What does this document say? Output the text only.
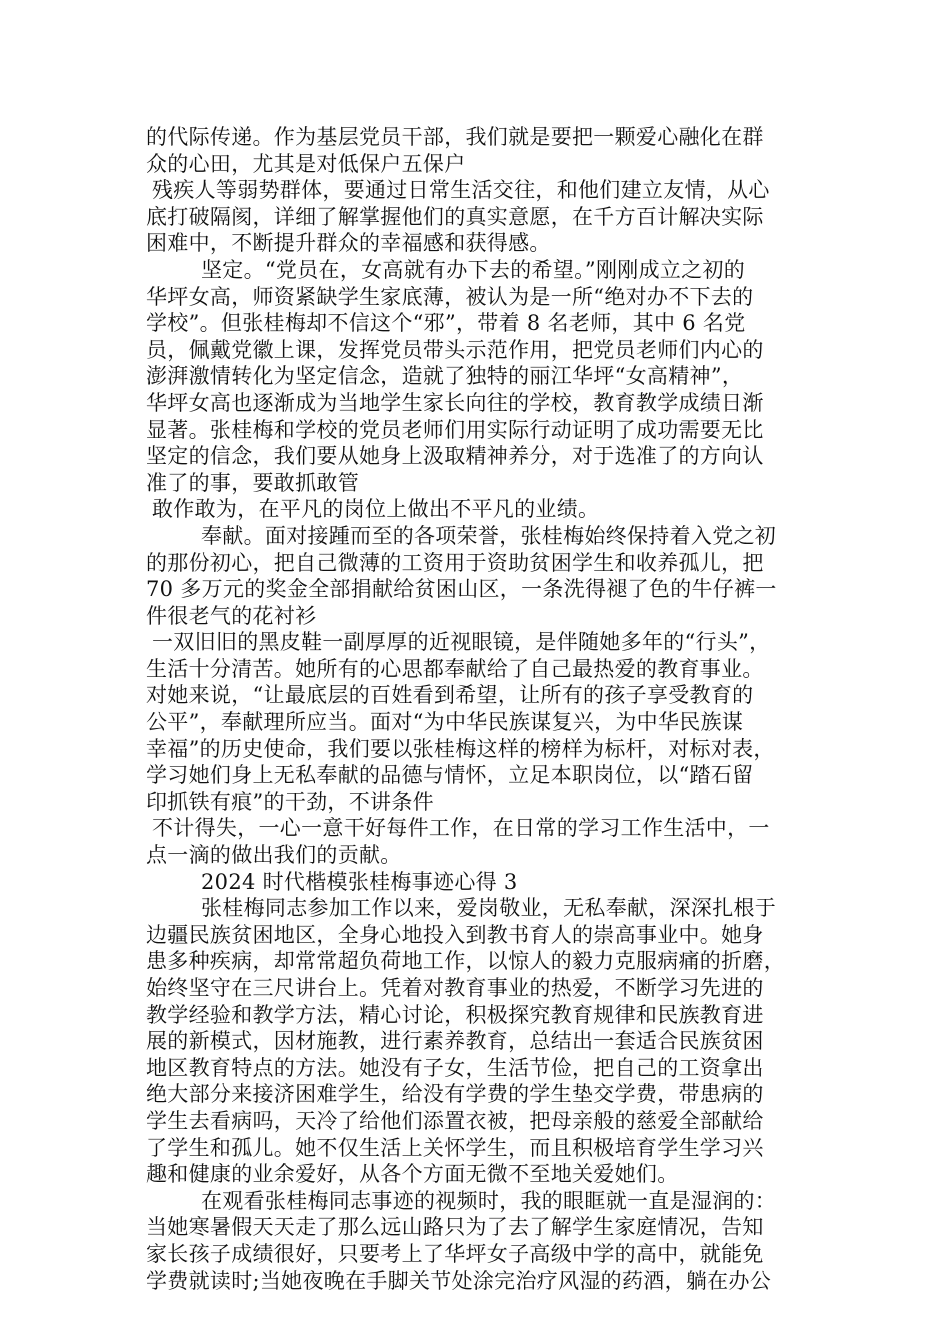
的代际传递。作为基层党员干部，我们就是要把一颗爱心融化在群
众的心田，尤其是对低保户五保户
残疾人等弱势群体，要通过日常生活交往，和他们建立友情，从心
底打破隔阂，详细了解掌握他们的真实意愿，在千方百计解决实际
困难中，不断提升群众的幸福感和获得感。
坚定。“党员在，女高就有办下去的希望。”刚刚成立之初的
华坪女高，师资紧缺学生家底薄，被认为是一所“绝对办不下去的
学校”。但张桂梅却不信这个“邪”，带着 8 名老师，其中 6 名党
员，佩戴党徽上课，发挥党员带头示范作用，把党员老师们内心的
澎湃激情转化为坚定信念，造就了独特的丽江华坪“女高精神”，
华坪女高也逐渐成为当地学生家长向往的学校，教育教学成绩日渐
显著。张桂梅和学校的党员老师们用实际行动证明了成功需要无比
坚定的信念，我们要从她身上汲取精神养分，对于选准了的方向认
准了的事，要敢抓敢管
敢作敢为，在平凡的岗位上做出不平凡的业绩。
奉献。面对接踵而至的各项荣誉，张桂梅始终保持着入党之初
的那份初心，把自己微薄的工资用于资助贫困学生和收养孤儿，把
70 多万元的奖金全部捐献给贫困山区，一条洗得褪了色的牛仔裤一
件很老气的花衬衫
一双旧旧的黑皮鞋一副厚厚的近视眼镜，是伴随她多年的“行头”，
生活十分清苦。她所有的心思都奉献给了自己最热爱的教育事业。
对她来说，“让最底层的百姓看到希望，让所有的孩子享受教育的
公平”，奉献理所应当。面对“为中华民族谋复兴，为中华民族谋
幸福”的历史使命，我们要以张桂梅这样的榜样为标杆，对标对表，
学习她们身上无私奉献的品德与情怀，立足本职岗位，以“踏石留
印抓铁有痕”的干劲，不讲条件
不计得失，一心一意干好每件工作，在日常的学习工作生活中，一
点一滴的做出我们的贡献。
2024 时代楷模张桂梅事迹心得 3
张桂梅同志参加工作以来，爱岗敬业，无私奉献，深深扎根于
边疆民族贫困地区，全身心地投入到教书育人的崇高事业中。她身
患多种疾病，却常常超负荷地工作，以惊人的毅力克服病痛的折磨，
始终坚守在三尺讲台上。凭着对教育事业的热爱，不断学习先进的
教学经验和教学方法，精心讨论，积极探究教育规律和民族教育进
展的新模式，因材施教，进行素养教育，总结出一套适合民族贫困
地区教育特点的方法。她没有子女，生活节俭，把自己的工资拿出
绝大部分来接济困难学生，给没有学费的学生垫交学费，带患病的
学生去看病吗，天冷了给他们添置衣被，把母亲般的慈爱全部献给
了学生和孤儿。她不仅生活上关怀学生，而且积极培育学生学习兴
趣和健康的业余爱好，从各个方面无微不至地关爱她们。
在观看张桂梅同志事迹的视频时，我的眼眶就一直是湿润的：
当她寒暑假天天走了那么远山路只为了去了解学生家庭情况，告知
家长孩子成绩很好，只要考上了华坪女子高级中学的高中，就能免
学费就读时;当她夜晚在手脚关节处涂完治疗风湿的药酒，躺在办公
